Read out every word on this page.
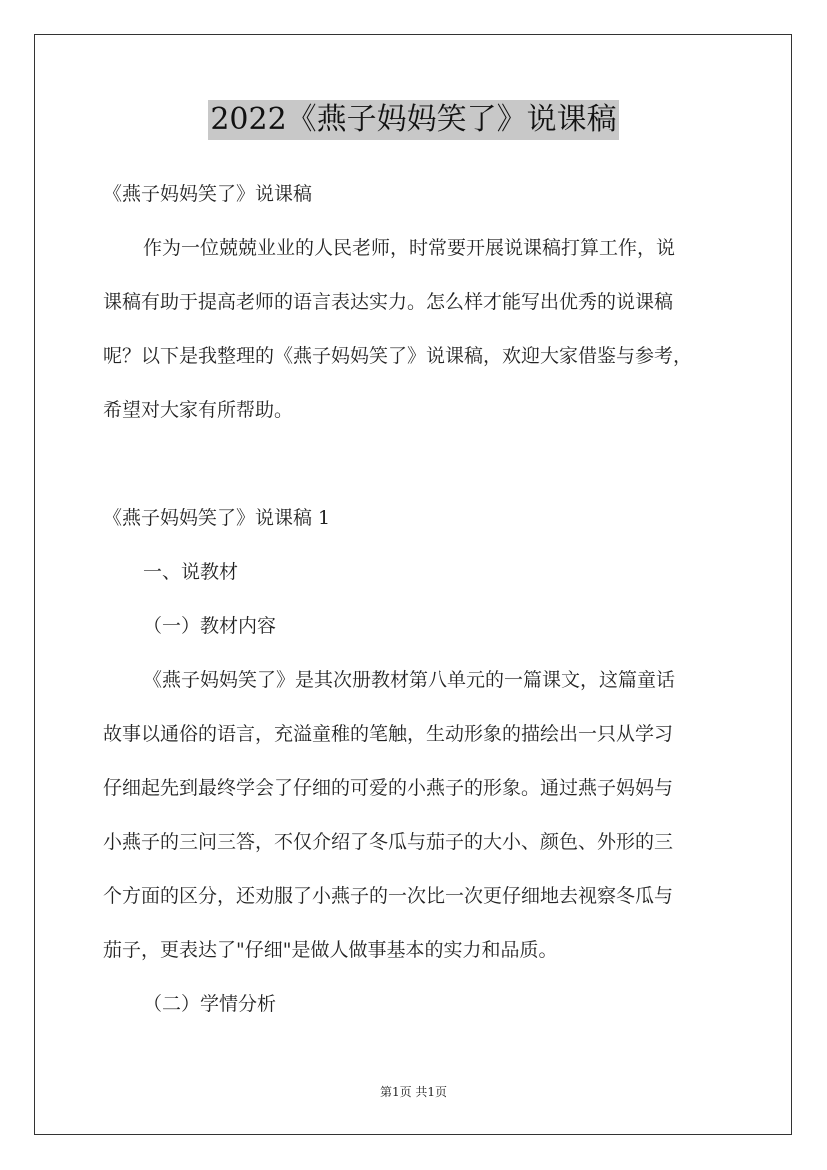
2022《燕子妈妈笑了》说课稿
《燕子妈妈笑了》说课稿
作为一位兢兢业业的人民老师，时常要开展说课稿打算工作，说
课稿有助于提高老师的语言表达实力。怎么样才能写出优秀的说课稿
呢？以下是我整理的《燕子妈妈笑了》说课稿，欢迎大家借鉴与参考，
希望对大家有所帮助。
《燕子妈妈笑了》说课稿 1
一、说教材
（一）教材内容
《燕子妈妈笑了》是其次册教材第八单元的一篇课文，这篇童话
故事以通俗的语言，充溢童稚的笔触，生动形象的描绘出一只从学习
仔细起先到最终学会了仔细的可爱的小燕子的形象。通过燕子妈妈与
小燕子的三问三答，不仅介绍了冬瓜与茄子的大小、颜色、外形的三
个方面的区分，还劝服了小燕子的一次比一次更仔细地去视察冬瓜与
茄子，更表达了"仔细"是做人做事基本的实力和品质。
（二）学情分析
第1页 共1页
